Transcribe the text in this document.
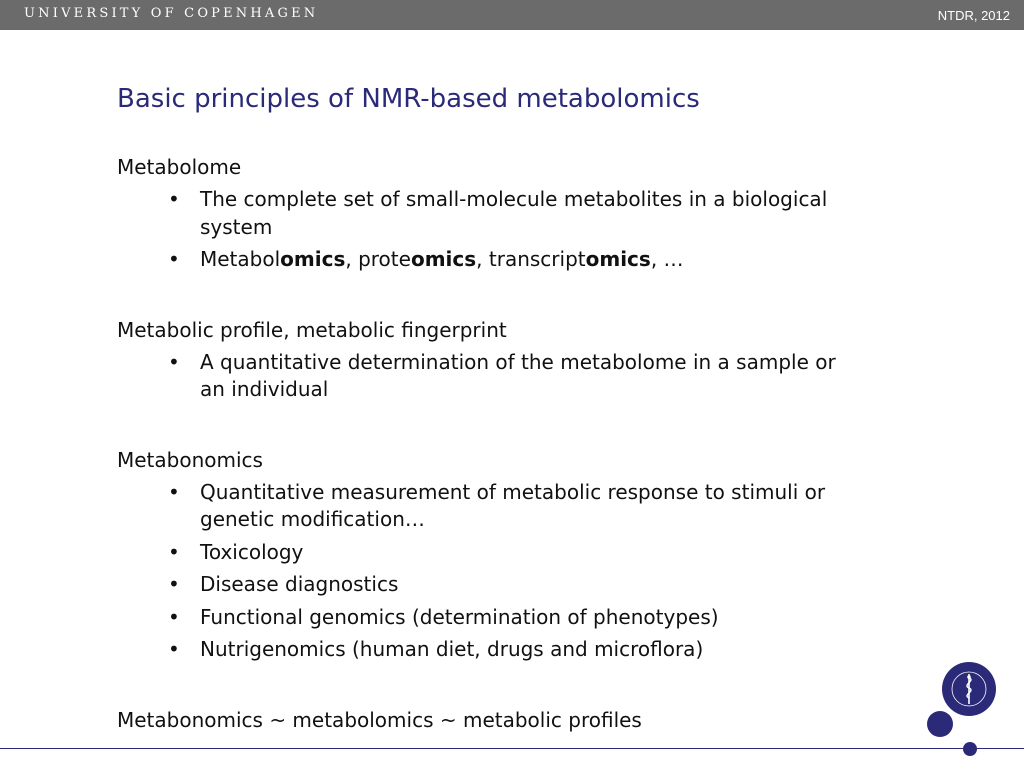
UNIVERSITY OF COPENHAGEN	NTDR, 2012
Basic principles of NMR-based metabolomics

Metabolome

• The complete set of small-molecule metabolites in a biological system
• Metabolomics, proteomics, transcriptomics, …

Metabolic profile, metabolic fingerprint

• A quantitative determination of the metabolome in a sample or an individual

Metabonomics

• Quantitative measurement of metabolic response to stimuli or genetic modification…
• Toxicology
• Disease diagnostics
• Functional genomics (determination of phenotypes)
• Nutrigenomics (human diet, drugs and microflora)

Metabonomics ~ metabolomics ~ metabolic profiles
